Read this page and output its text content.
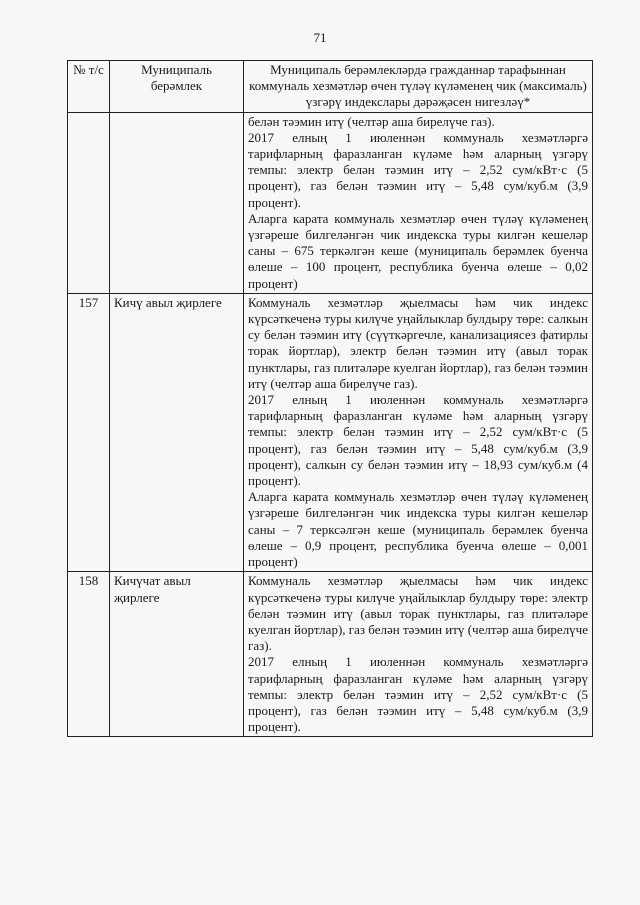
71
№ т/с	Муниципаль берәмлек	Муниципаль берәмлекләрдә гражданнар тарафыннан коммуналь хезмәтләр өчен түләү күләменең чик (максималь) үзгәрү индекслары дәрәҗәсен нигезләү*

		белән тәэмин итү (челтәр аша бирелүче газ).
2017 елның 1 июленнән коммуналь хезмәтләргә тарифларның фаразланган күләме һәм аларның үзгәрү темпы: электр белән тәэмин итү – 2,52 сум/кВт·с (5 процент), газ белән тәэмин итү – 5,48 сум/куб.м (3,9 процент).
Аларга карата коммуналь хезмәтләр өчен түләү күләменең үзгәреше билгеләнгән чик индекска туры килгән кешеләр саны – 675 теркәлгән кеше (муниципаль берәмлек буенча өлеше – 100 процент, республика буенча өлеше – 0,02 процент)

157	Кичү авыл җирлеге	Коммуналь хезмәтләр җыелмасы һәм чик индекс күрсәткеченә туры килүче уңайлыклар булдыру төре: салкын су белән тәэмин итү (сүүткәргечле, канализациясез фатирлы торак йортлар), электр белән тәэмин итү (авыл торак пунктлары, газ плитәләре куелган йортлар), газ белән тәэмин итү (челтәр аша бирелүче газ).
2017 елның 1 июленнән коммуналь хезмәтләргә тарифларның фаразланган күләме һәм аларның үзгәрү темпы: электр белән тәэмин итү – 2,52 сум/кВт·с (5 процент), газ белән тәэмин итү – 5,48 сум/куб.м (3,9 процент), салкын су белән тәэмин итү – 18,93 сум/куб.м (4 процент).
Аларга карата коммуналь хезмәтләр өчен түләү күләменең үзгәреше билгеләнгән чик индекска туры килгән кешеләр саны – 7 терксәлгән кеше (муниципаль берәмлек буенча өлеше – 0,9 процент, республика буенча өлеше – 0,001 процент)

158	Кичүчат авыл җирлеге	Коммуналь хезмәтләр җыелмасы һәм чик индекс күрсәткеченә туры килүче уңайлыклар булдыру төре: электр белән тәэмин итү (авыл торак пунктлары, газ плитәләре куелган йортлар), газ белән тәэмин итү (челтәр аша бирелүче газ).
2017 елның 1 июленнән коммуналь хезмәтләргә тарифларның фаразланган күләме һәм аларның үзгәрү темпы: электр белән тәэмин итү – 2,52 сум/кВт·с (5 процент), газ белән тәэмин итү – 5,48 сум/куб.м (3,9 процент).
